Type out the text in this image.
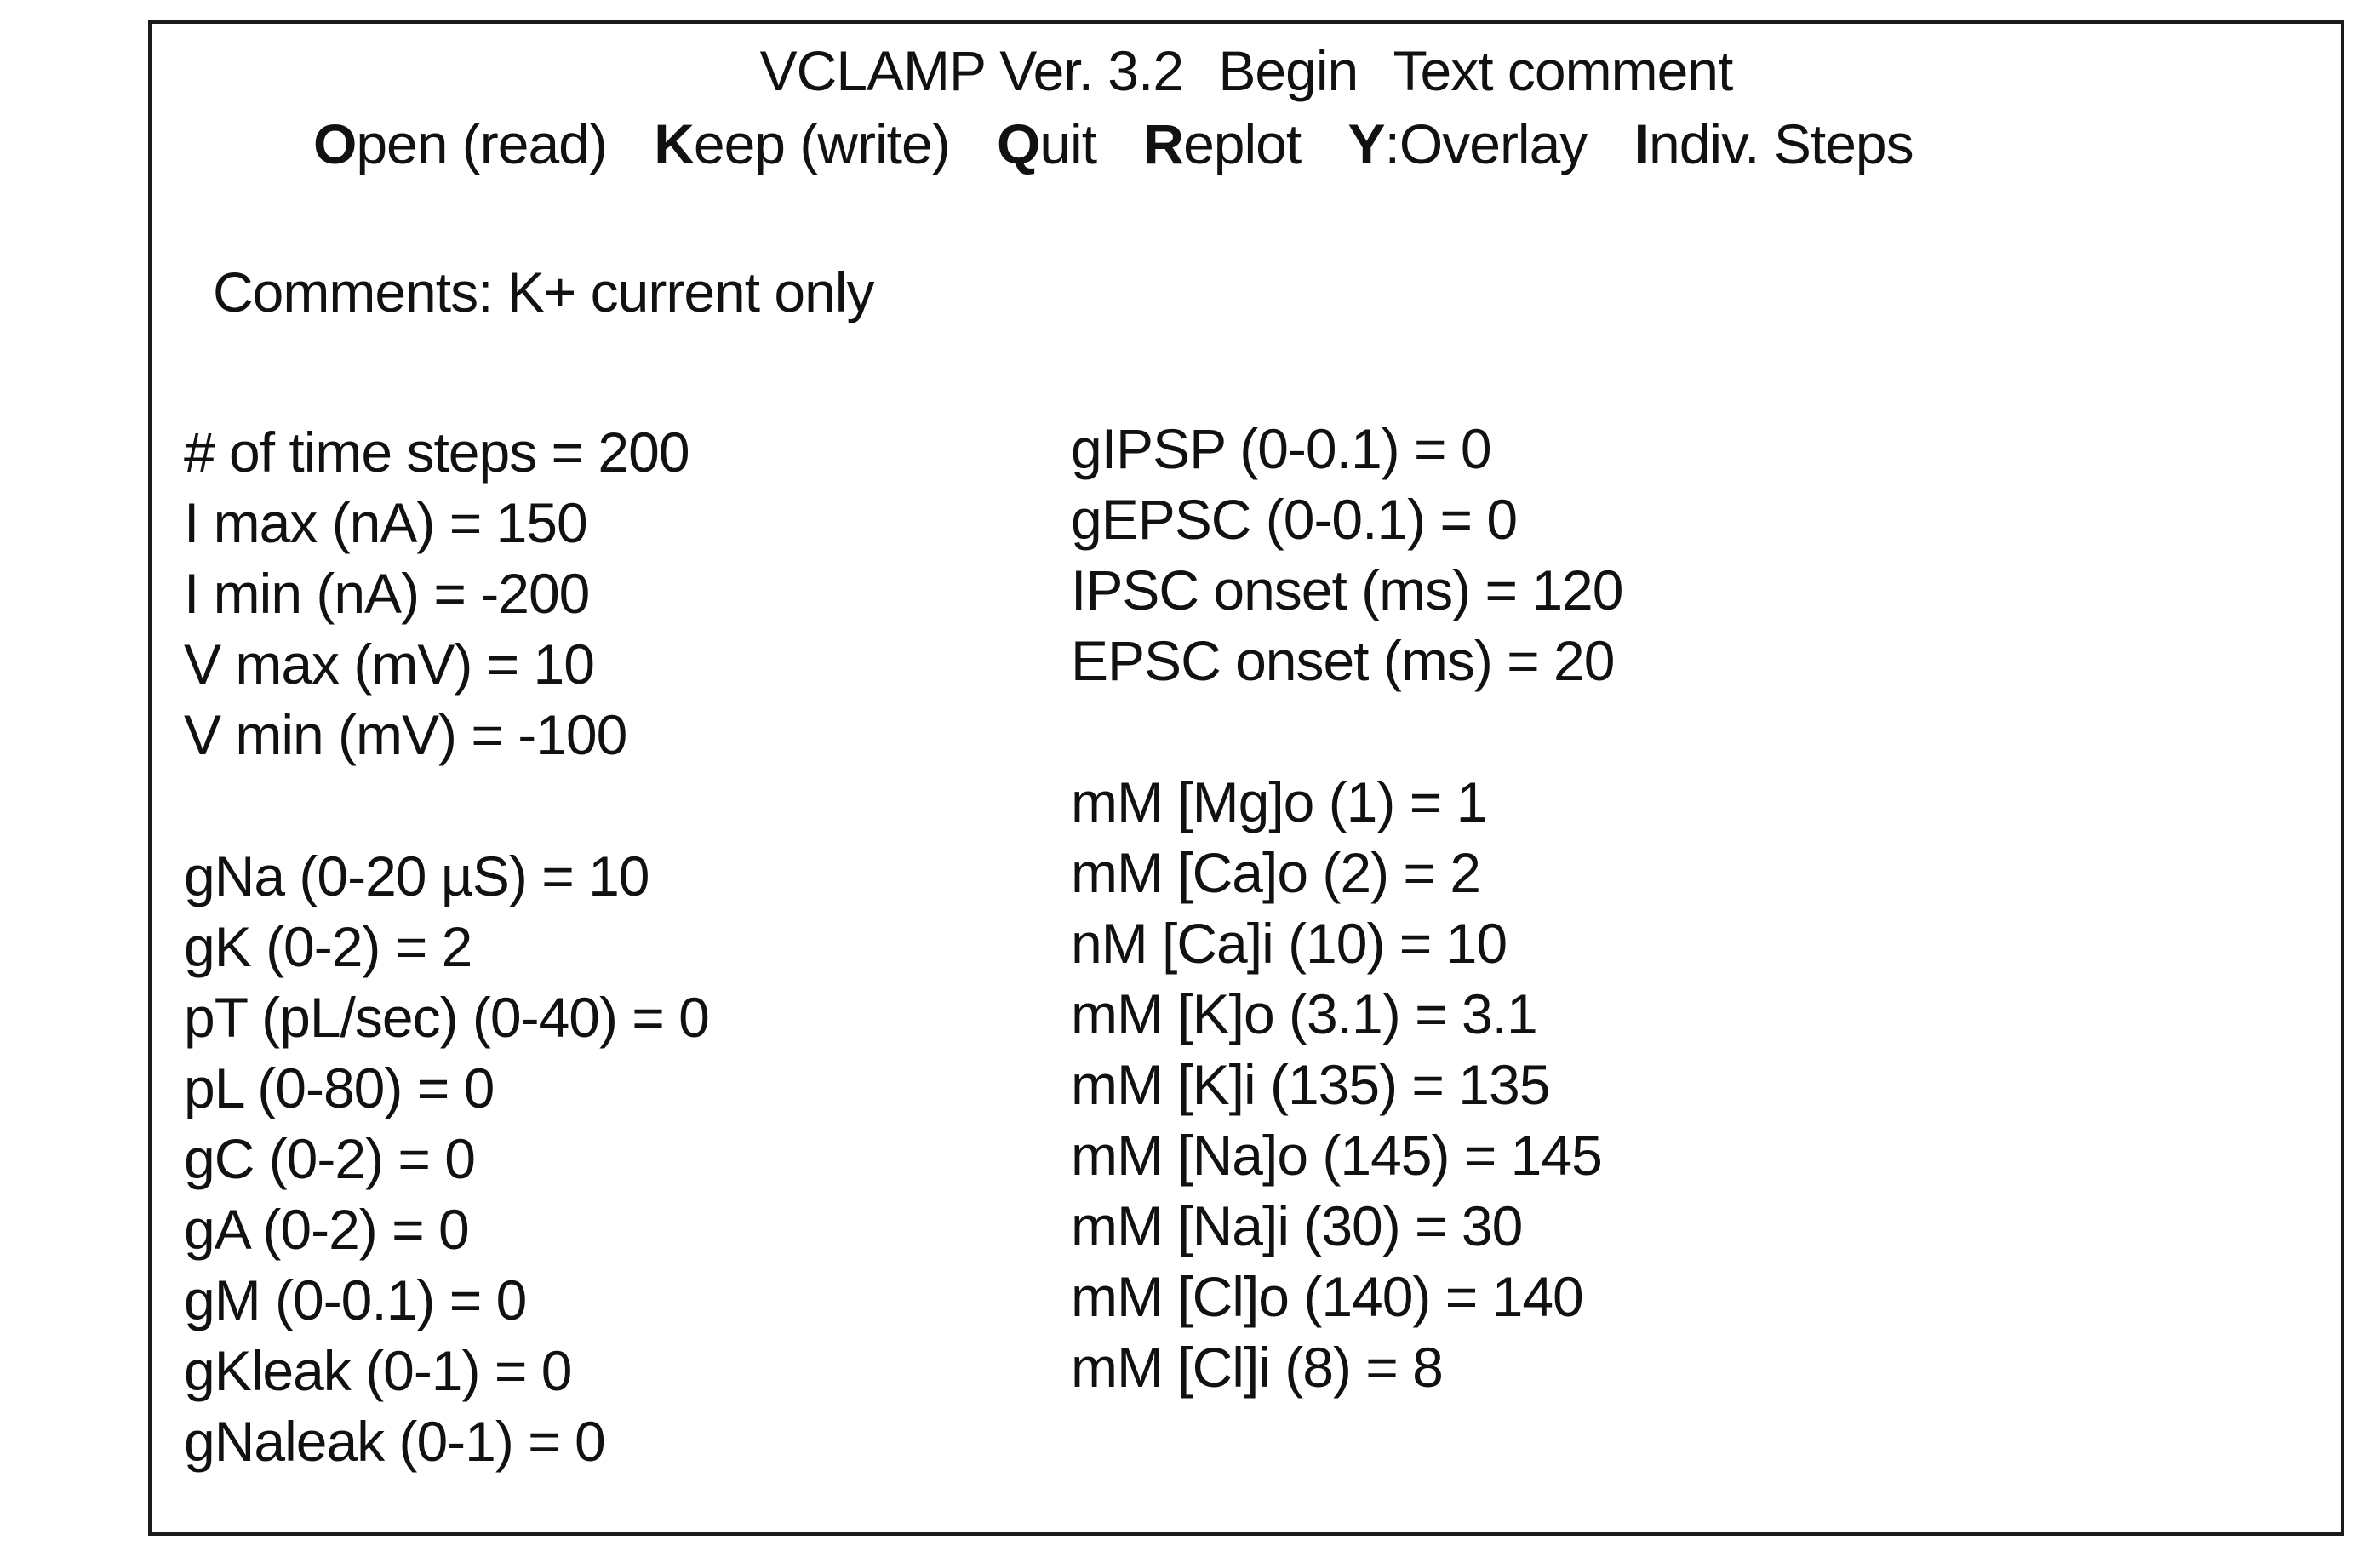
VCLAMP Ver. 3.2 Begin Text comment
Open (read) Keep (write) Quit Replot Y:Overlay Indiv. Steps
Comments: K+ current only
# of time steps = 200
I max (nA) = 150
I min (nA) = -200
V max (mV) = 10
V min (mV) = -100
gNa (0-20 µS) = 10
gK (0-2) = 2
pT (pL/sec) (0-40) = 0
pL (0-80) = 0
gC (0-2) = 0
gA (0-2) = 0
gM (0-0.1) = 0
gKleak (0-1) = 0
gNaleak (0-1) = 0
gIPSP (0-0.1) = 0
gEPSC (0-0.1) = 0
IPSC onset (ms) = 120
EPSC onset (ms) = 20
mM [Mg]o (1) = 1
mM [Ca]o (2) = 2
nM [Ca]i (10) = 10
mM [K]o (3.1) = 3.1
mM [K]i (135) = 135
mM [Na]o (145) = 145
mM [Na]i (30) = 30
mM [Cl]o (140) = 140
mM [Cl]i (8) = 8
